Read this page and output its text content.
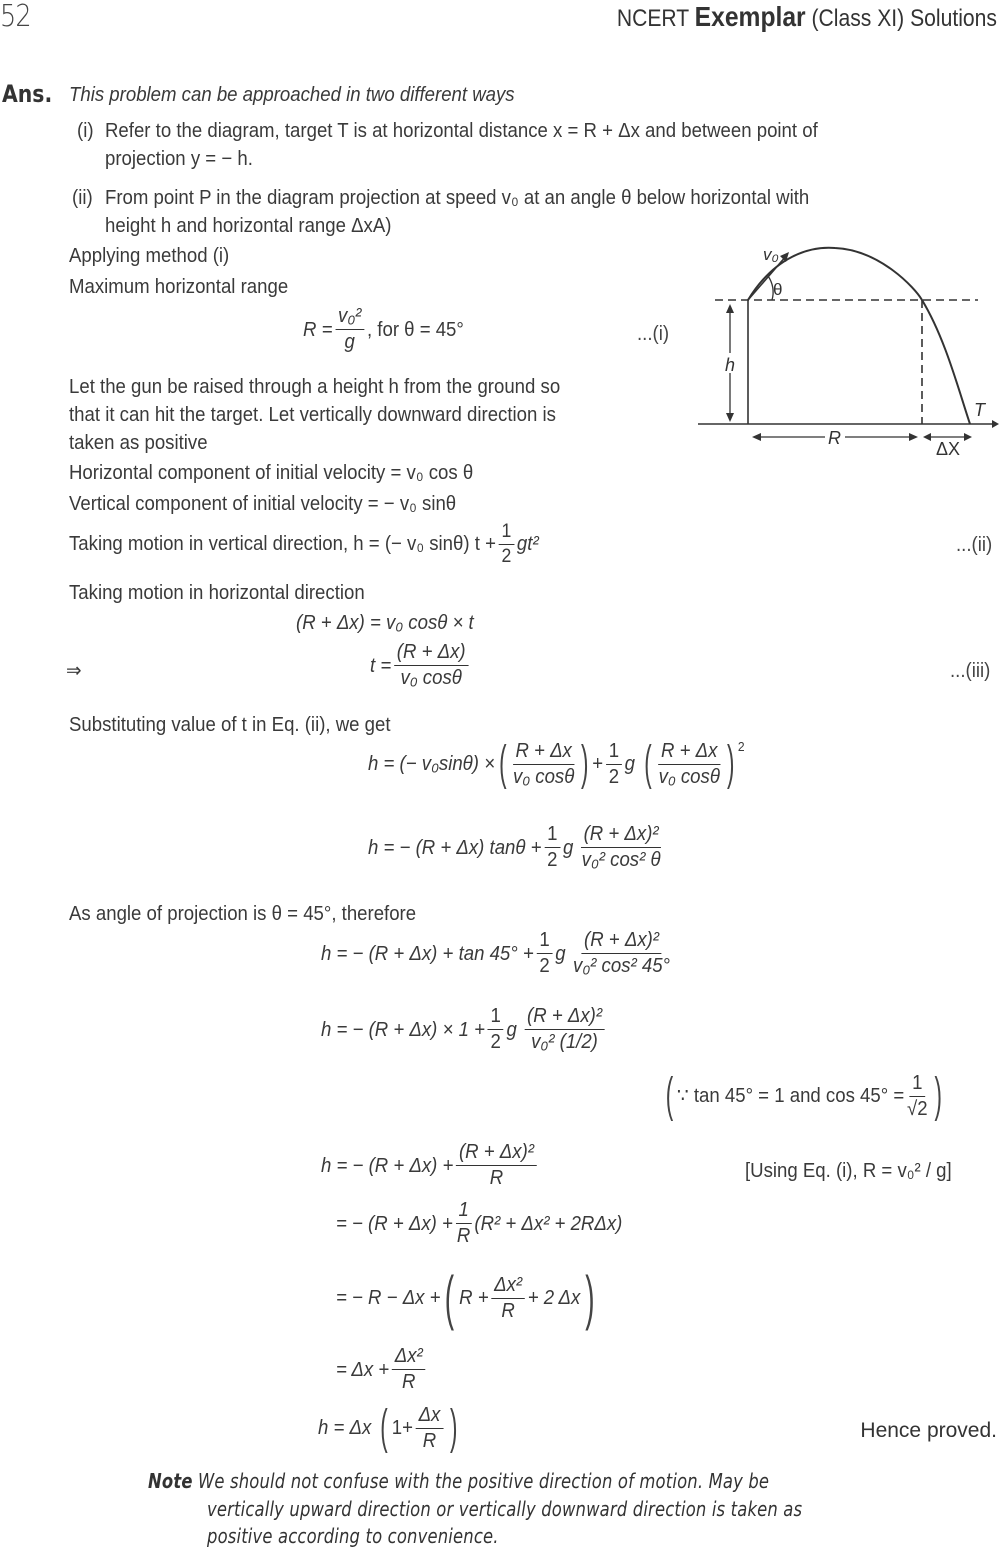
52	NCERT Exemplar (Class XI) Solutions
Ans. This problem can be approached in two different ways
(i) Refer to the diagram, target T is at horizontal distance x = R + Δx and between point of
projection y = − h.
(ii) From point P in the diagram projection at speed v₀ at an angle θ below horizontal with
height h and horizontal range ΔxA)
Applying method (i)
Maximum horizontal range
$R = \frac{\text{v₀²}}{g}$ , for θ = 45°	...(i)
Let the gun be raised through a height h from the ground so
that it can hit the target. Let vertically downward direction is
taken as positive
v₀
θ
h
R
T
ΔX
Horizontal component of initial velocity = v₀ cos θ
Vertical component of initial velocity = − v₀ sinθ
Taking motion in vertical direction, h = (− v₀ sinθ) $t + \frac{1}{2} gt^2$	...(ii)
Taking motion in horizontal direction
(R + Δx) = v₀ cosθ × t
⇒	$t = \frac{(R + \Delta x)}{\text{v₀ cosθ}}$	...(iii)
Substituting value of t in Eq. (ii), we get
h = (− v₀sinθ) × ( $\frac{R + \Delta x}{\text{v₀ cosθ}}$ ) + $\frac{1}{2}$ g ( $\frac{R + \Delta x}{\text{v₀ cosθ}}$ ) $^2$
h = − (R + Δx) $\tan\theta + \frac{1}{2}$ g $\frac{\text{(R + Δx)²}}{\text{v₀² cos² θ}}$
As angle of projection is θ = 45°, therefore
h = − $(R + \Delta x) + \tan 45^\circ + \frac{1}{2}$ g $\frac{\text{(R + Δx)²}}{\text{v₀² cos² 45°}}$
h = − $(R + \Delta x) \times 1 + \frac{1}{2}$ g $\frac{\text{(R + Δx)²}}{\text{v₀² (1/2)}}$
( ∵ tan 45° = 1 and $\cos 45^\circ = \frac{1}{√2}$ )
h = − $(R + \Delta x) + \frac{\text{(R + Δx)²}}{R}$	[Using Eq. (i), R = v₀² / g]
= − $(R + \Delta x) + \frac{1}{R} (R^2 + \Delta x^2 + 2R\Delta x)$
= − R − Δx + ( $R + \frac{\text{Δx²}}{R} + 2$ Δx )
= $\Delta x + \frac{\text{Δx²}}{R}$
h = Δx ( $1+ \frac{\Delta x}{R}$ )	Hence proved.
Note We should not confuse with the positive direction of motion. May be
vertically upward direction or vertically downward direction is taken as
positive according to convenience.
